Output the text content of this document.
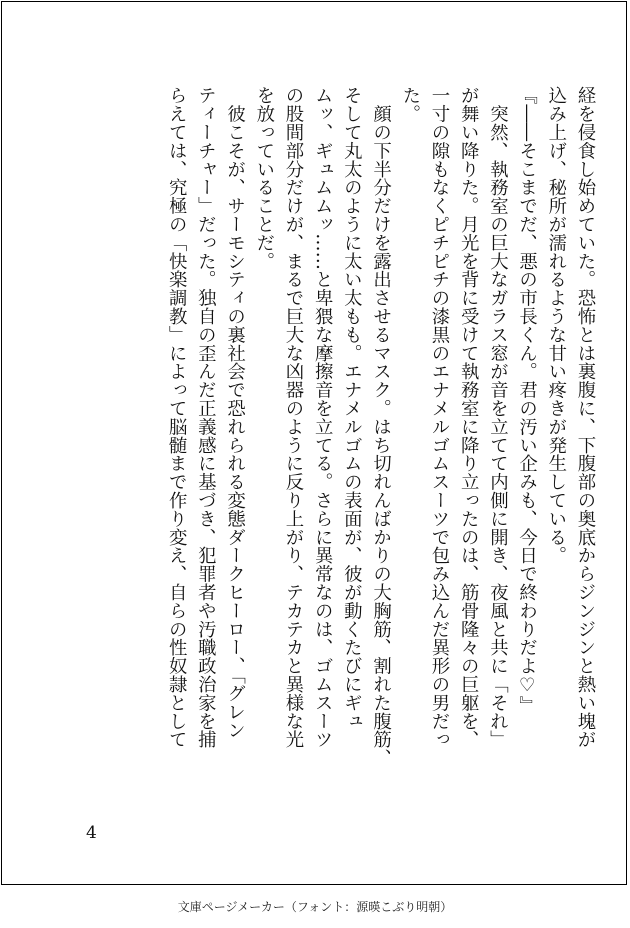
経を侵食し始めていた。恐怖とは裏腹に、下腹部の奥底からジンジンと熱い塊が
込み上げ、秘所が濡れるような甘い疼きが発生している。
『――そこまでだ、悪の市長くん。君の汚い企みも、今日で終わりだよ♡』
　突然、執務室の巨大なガラス窓が音を立てて内側に開き、夜風と共に「それ」
が舞い降りた。月光を背に受けて執務室に降り立ったのは、筋骨隆々の巨躯を、
一寸の隙もなくピチピチの漆黒のエナメルゴムスーツで包み込んだ異形の男だっ
た。
　顔の下半分だけを露出させるマスク。はち切れんばかりの大胸筋、割れた腹筋、
そして丸太のように太い太もも。エナメルゴムの表面が、彼が動くたびにギュ
ムッ、ギュムムッ……と卑猥な摩擦音を立てる。さらに異常なのは、ゴムスーツ
の股間部分だけが、まるで巨大な凶器のように反り上がり、テカテカと異様な光
を放っていることだ。
　彼こそが、サーモシティの裏社会で恐れられる変態ダークヒーロー、「グレン
ティーチャー」だった。独自の歪んだ正義感に基づき、犯罪者や汚職政治家を捕
らえては、究極の「快楽調教」によって脳髄まで作り変え、自らの性奴隷として
4
文庫ページメーカー（フォント：源暎こぶり明朝）
